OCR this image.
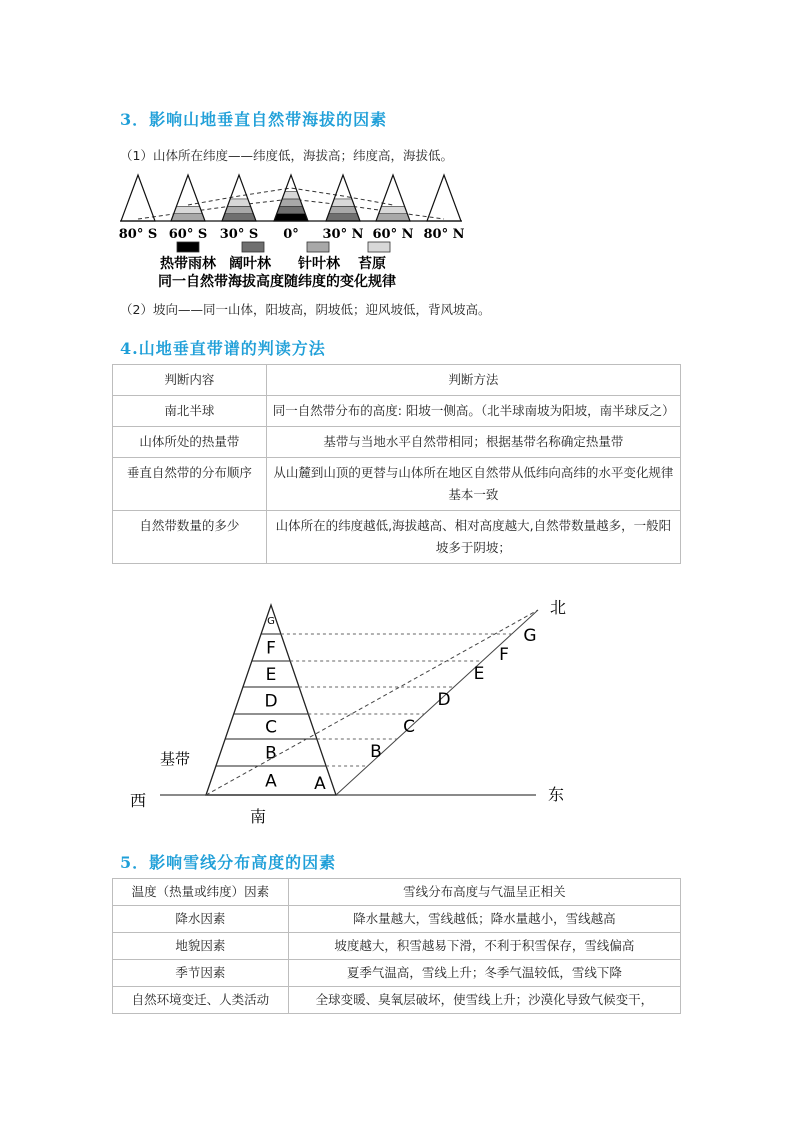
3．影响山地垂直自然带海拔的因素
（1）山体所在纬度——纬度低，海拔高；纬度高，海拔低。
80° S 60° S 30° S 0° 30° N 60° N 80° N
热带雨林 阔叶林 针叶林 苔原
同一自然带海拔高度随纬度的变化规律
（2）坡向——同一山体，阳坡高，阴坡低；迎风坡低，背风坡高。
4.山地垂直带谱的判读方法
判断内容	判断方法
南北半球	同一自然带分布的高度: 阳坡一侧高。（北半球南坡为阳坡，南半球反之）
山体所处的热量带	基带与当地水平自然带相同；根据基带名称确定热量带
垂直自然带的分布顺序	从山麓到山顶的更替与山体所在地区自然带从低纬向高纬的水平变化规律基本一致
自然带数量的多少	山体所在的纬度越低,海拔越高、相对高度越大,自然带数量越多，一般阳坡多于阴坡；
A
B
C
D
E
F
G
A
B
C
D
E
F
G
北
基带
西	东
南
5．影响雪线分布高度的因素
温度（热量或纬度）因素	雪线分布高度与气温呈正相关
降水因素	降水量越大，雪线越低；降水量越小，雪线越高
地貌因素	坡度越大，积雪越易下滑，不利于积雪保存，雪线偏高
季节因素	夏季气温高，雪线上升；冬季气温较低，雪线下降
自然环境变迁、人类活动	全球变暖、臭氧层破坏，使雪线上升；沙漠化导致气候变干，
